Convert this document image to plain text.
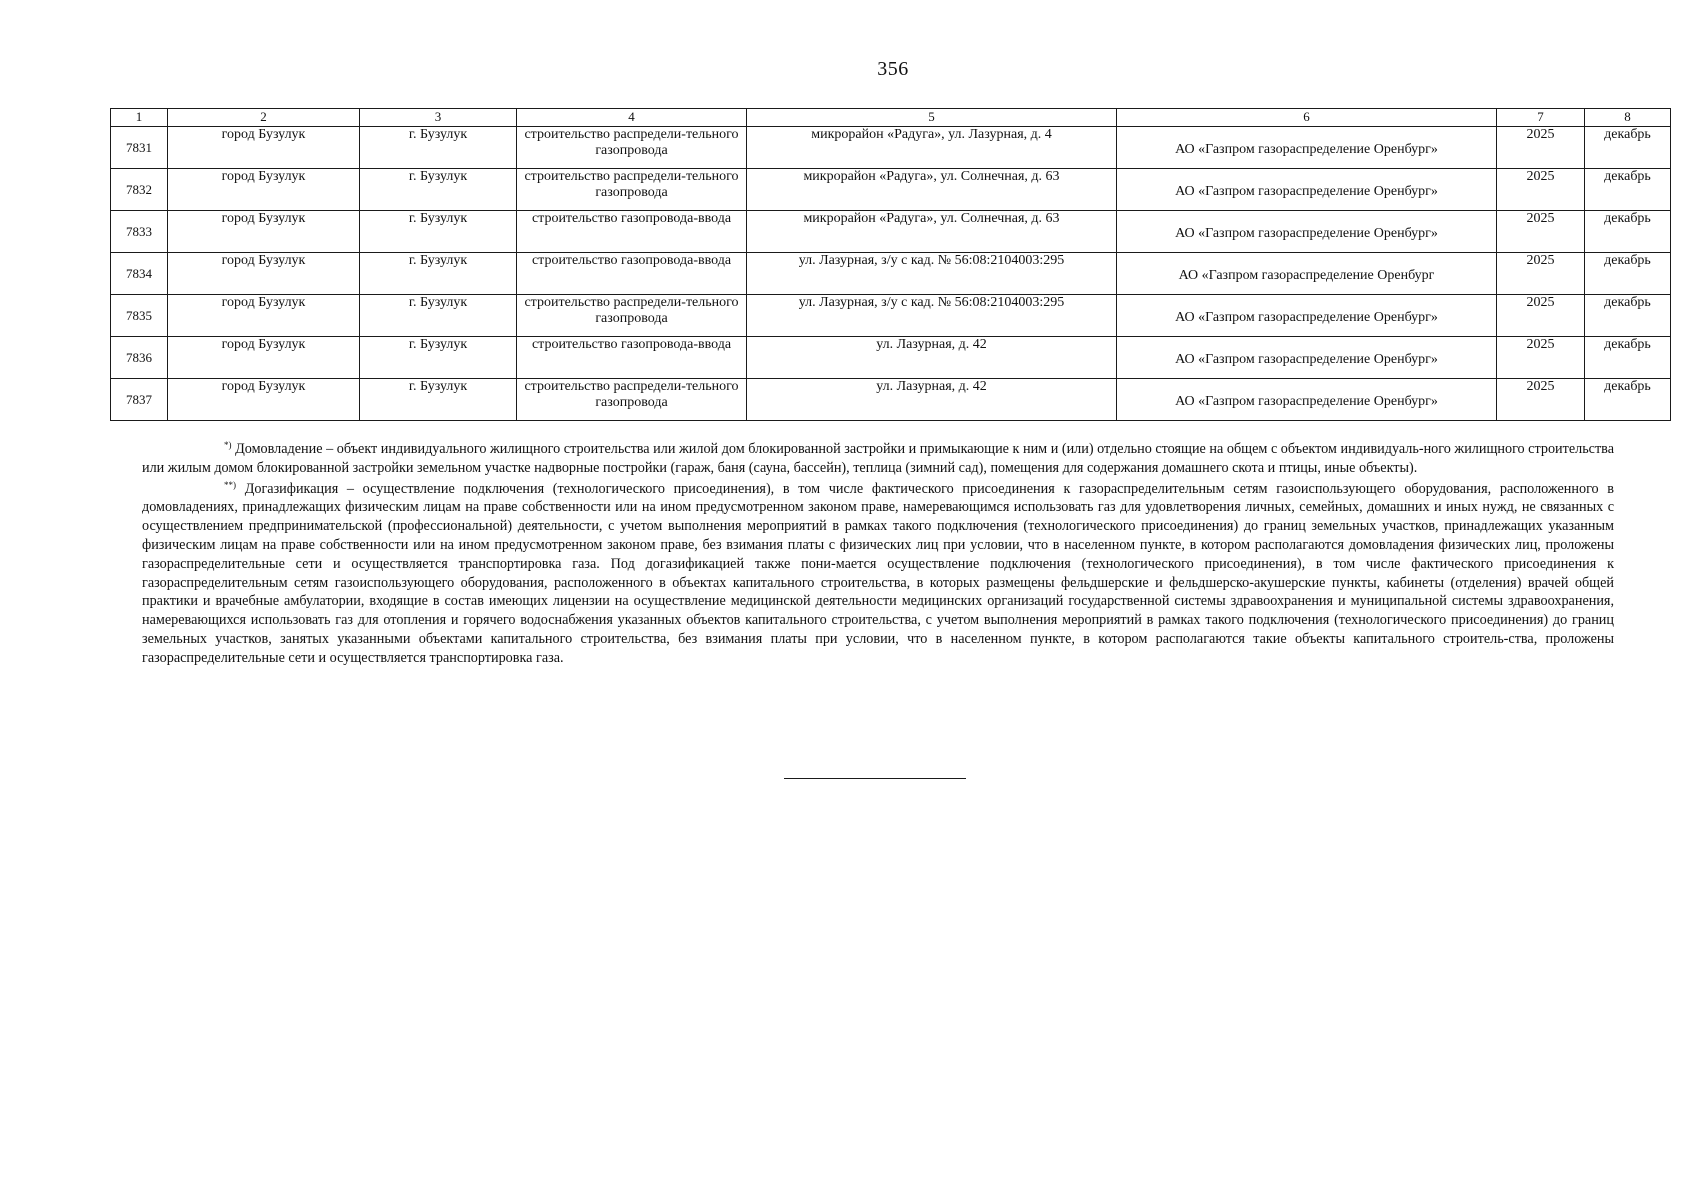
356
1	2	3	4	5	6	7	8
7831	город Бузулук	г. Бузулук	строительство распредели-тельного газопровода	микрорайон «Радуга», ул. Лазурная, д. 4	АО «Газпром газораспределение Оренбург»	2025	декабрь
7832	город Бузулук	г. Бузулук	строительство распредели-тельного газопровода	микрорайон «Радуга», ул. Солнечная, д. 63	АО «Газпром газораспределение Оренбург»	2025	декабрь
7833	город Бузулук	г. Бузулук	строительство газопровода-ввода	микрорайон «Радуга», ул. Солнечная, д. 63	АО «Газпром газораспределение Оренбург»	2025	декабрь
7834	город Бузулук	г. Бузулук	строительство газопровода-ввода	ул. Лазурная, з/у с кад. № 56:08:2104003:295	АО «Газпром газораспределение Оренбург	2025	декабрь
7835	город Бузулук	г. Бузулук	строительство распредели-тельного газопровода	ул. Лазурная, з/у с кад. № 56:08:2104003:295	АО «Газпром газораспределение Оренбург»	2025	декабрь
7836	город Бузулук	г. Бузулук	строительство газопровода-ввода	ул. Лазурная, д. 42	АО «Газпром газораспределение Оренбург»	2025	декабрь
7837	город Бузулук	г. Бузулук	строительство распредели-тельного газопровода	ул. Лазурная, д. 42	АО «Газпром газораспределение Оренбург»	2025	декабрь

*) Домовладение – объект индивидуального жилищного строительства или жилой дом блокированной застройки и примыкающие к ним и (или) отдельно стоящие на общем с объектом индивидуаль-ного жилищного строительства или жилым домом блокированной застройки земельном участке надворные постройки (гараж, баня (сауна, бассейн), теплица (зимний сад), помещения для содержания домашнего скота и птицы, иные объекты).

**) Догазификация – осуществление подключения (технологического присоединения), в том числе фактического присоединения к газораспределительным сетям газоиспользующего оборудования, расположенного в домовладениях, принадлежащих физическим лицам на праве собственности или на ином предусмотренном законом праве, намеревающимся использовать газ для удовлетворения личных, семейных, домашних и иных нужд, не связанных с осуществлением предпринимательской (профессиональной) деятельности, с учетом выполнения мероприятий в рамках такого подключения (технологического присоединения) до границ земельных участков, принадлежащих указанным физическим лицам на праве собственности или на ином предусмотренном законом праве, без взимания платы с физических лиц при условии, что в населенном пункте, в котором располагаются домовладения физических лиц, проложены газораспределительные сети и осуществляется транспортировка газа. Под догазификацией также пони-мается осуществление подключения (технологического присоединения), в том числе фактического присоединения к газораспределительным сетям газоиспользующего оборудования, расположенного в объектах капитального строительства, в которых размещены фельдшерские и фельдшерско-акушерские пункты, кабинеты (отделения) врачей общей практики и врачебные амбулатории, входящие в состав имеющих лицензии на осуществление медицинской деятельности медицинских организаций государственной системы здравоохранения и муниципальной системы здравоохранения, намеревающихся использовать газ для отопления и горячего водоснабжения указанных объектов капитального строительства, с учетом выполнения мероприятий в рамках такого подключения (технологического присоединения) до границ земельных участков, занятых указанными объектами капитального строительства, без взимания платы при условии, что в населенном пункте, в котором располагаются такие объекты капитального строитель-ства, проложены газораспределительные сети и осуществляется транспортировка газа.
